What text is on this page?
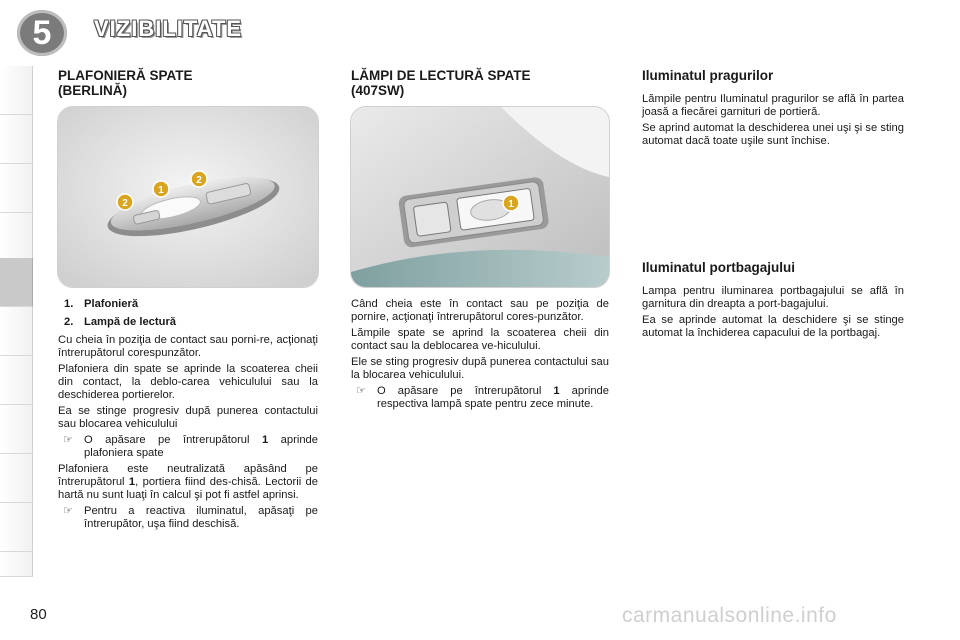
5	VIZIBILITATE
PLAFONIERĂ SPATE
(BERLINĂ)
2
1
2
1. Plafonieră
2. Lampă de lectură

Cu cheia în poziţia de contact sau porni-re, acţionaţi întrerupătorul corespunzător.

Plafoniera din spate se aprinde la scoaterea cheii din contact, la deblo-carea vehiculului sau la deschiderea portierelor.

Ea se stinge progresiv după punerea contactului sau blocarea vehiculului

☞ O apăsare pe întrerupătorul 1 aprinde plafoniera spate

Plafoniera este neutralizată apăsând pe întrerupătorul 1, portiera fiind des-chisă. Lectorii de hartă nu sunt luaţi în calcul şi pot fi astfel aprinsi.

☞ Pentru a reactiva iluminatul, apăsaţi pe întrerupător, uşa fiind deschisă.
LĂMPI DE LECTURĂ SPATE
(407SW)
1

Când cheia este în contact sau pe poziţia de pornire, acţionaţi întrerupătorul cores-punzător.

Lămpile spate se aprind la scoaterea cheii din contact sau la deblocarea ve-hiculului.

Ele se sting progresiv după punerea contactului sau la blocarea vehiculului.

☞ O apăsare pe întrerupătorul 1 aprinde respectiva lampă spate pentru zece minute.
Iluminatul pragurilor

Lămpile pentru Iluminatul pragurilor se află în partea joasă a fiecărei garnituri de portieră.

Se aprind automat la deschiderea unei uşi şi se sting automat dacă toate uşile sunt închise.

Iluminatul portbagajului

Lampa pentru iluminarea portbagajului se află în garnitura din dreapta a port-bagajului.

Ea se aprinde automat la deschidere şi se stinge automat la închiderea capacului de la portbagaj.

80	carmanualsonline.info
